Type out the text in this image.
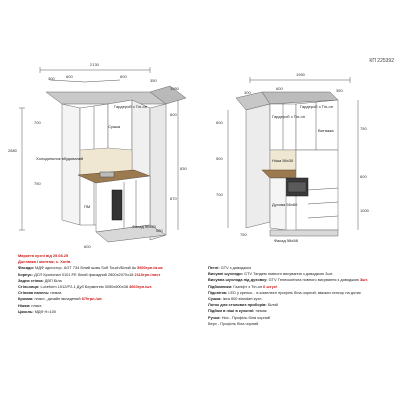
КП 225392
2130
300	600	600
350
1950
700
2880
750
600
830
870
600
580
Гардероб з Тіп-он
Сушка
Холодильник вбудований
ПМ
Фасад 50х50
1950
300
600	350
600
500
700
750
600
1000
750
Гардероб з Тіп-он
Гардероб з Тіп-он
Витяжка
Ніша 56х30
Духова 56х60
Фасад 58х58
Маркета кухні від 25.08.25
Доставка і монтаж: с. Хотів
Фасади: МДФ одностор. AGT 734 білий шовк Soft Touch/Білий Ак 5800грн./м.кв
Корпус: ДСП Кронопан 0101 РЕ білий фасадний 2800х2070х18 2110грн./лист
Задня стінка: ДВП Біла
Стільниця: Luxeform L512/P2-1 Дуб Бермінгем 3050х600х38 3660грн./шт.
Стінова панель: немає
Кромка: пласт., дизайн вкладений 870грн./шт.
Ніжки: пласт.
Цоколь: МДФ Н=100
Петлі: GTV з доводжою
Висувні шухляди: GTV Тандем повного висування з доводжою 3шт.
Висувна шухляда під духовку: GTV Телескопічна повного висування з доводжою 3шт.
Підйомники: Газліфт з Тіп-он 6 штук!
Підсвітка: LED у крепко... в комплекті профіль біла-чорний, вмикач сенсор на дотик
Сушка: Ікеа 600 standart кухн.
Лоток для столових приборів: Білий
Підйом в ніші в кухонні: немає
Ручки: Низ - Профіль біла чорний
Верх - Профіль біла чорний
